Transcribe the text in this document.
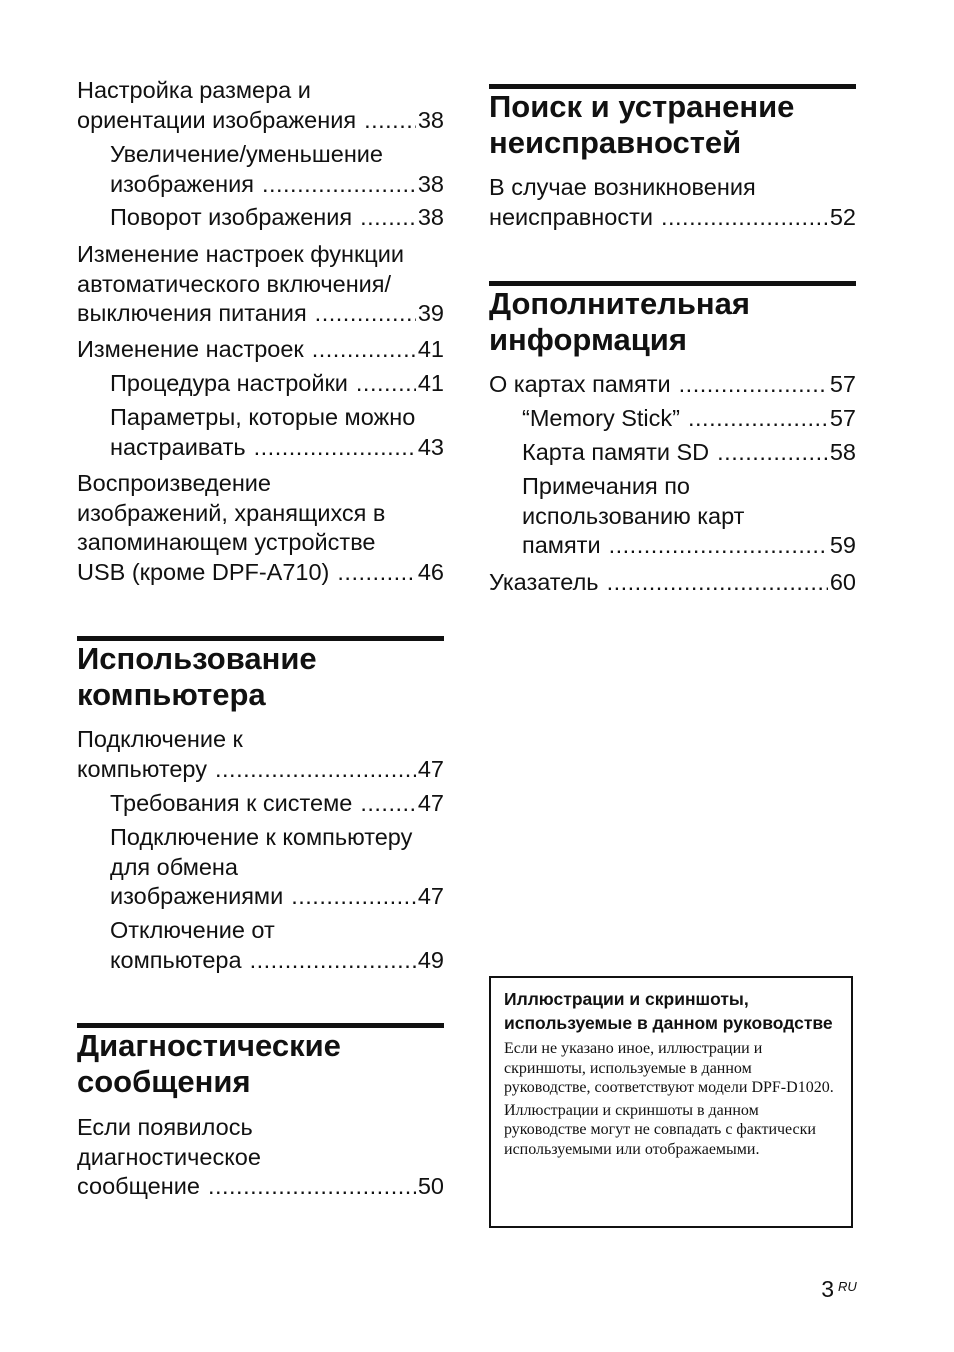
Настройка размера и
ориентации изображения .....	38
Увеличение/уменьшение
изображения .....	38
Поворот изображения .....	38
Изменение настроек функции
автоматического включения/
выключения питания .....	39
Изменение настроек .....	41
Процедура настройки .....	41
Параметры, которые можно
настраивать .....	43
Воспроизведение
изображений, хранящихся в
запоминающем устройстве
USB (кроме DPF-A710) .....	46
Использование
компьютера
Подключение к
компьютеру .....	47
Требования к системе .....	47
Подключение к компьютеру
для обмена
изображениями .....	47
Отключение от
компьютера .....	49
Диагностические
сообщения
Если появилось
диагностическое
сообщение .....	50
Поиск и устранение
неисправностей
В случае возникновения
неисправности .....	52
Дополнительная
информация
О картах памяти .....	57
“Memory Stick” .....	57
Карта памяти SD .....	58
Примечания по
использованию карт
памяти .....	59
Указатель .....	60

Иллюстрации и скриншоты, используемые в данном руководстве

Если не указано иное, иллюстрации и скриншоты, используемые в данном руководстве, соответствуют модели DPF-D1020.

Иллюстрации и скриншоты в данном руководстве могут не совпадать с фактически используемыми или отображаемыми.

3 RU
